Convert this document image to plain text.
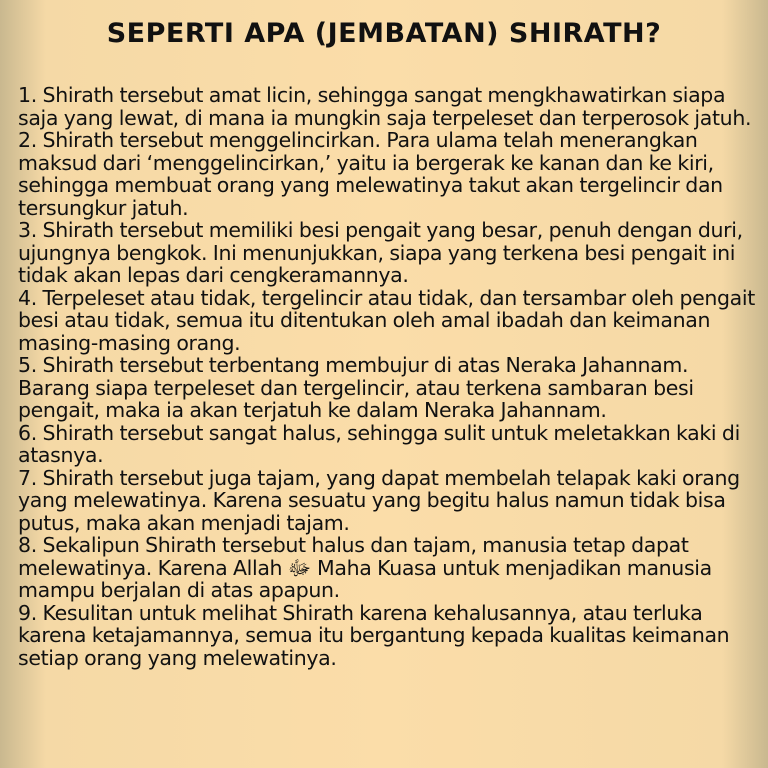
SEPERTI APA (JEMBATAN) SHIRATH?
1. Shirath tersebut amat licin, sehingga sangat mengkhawatirkan siapa saja yang lewat, di mana ia mungkin saja terpeleset dan terperosok jatuh.
2. Shirath tersebut menggelincirkan. Para ulama telah menerangkan maksud dari ‘menggelincirkan,’ yaitu ia bergerak ke kanan dan ke kiri, sehingga membuat orang yang melewatinya takut akan tergelincir dan tersungkur jatuh.
3. Shirath tersebut memiliki besi pengait yang besar, penuh dengan duri, ujungnya bengkok. Ini menunjukkan, siapa yang terkena besi pengait ini tidak akan lepas dari cengkeramannya.
4. Terpeleset atau tidak, tergelincir atau tidak, dan tersambar oleh pengait besi atau tidak, semua itu ditentukan oleh amal ibadah dan keimanan masing-masing orang.
5. Shirath tersebut terbentang membujur di atas Neraka Jahannam. Barang siapa terpeleset dan tergelincir, atau terkena sambaran besi pengait, maka ia akan terjatuh ke dalam Neraka Jahannam.
6. Shirath tersebut sangat halus, sehingga sulit untuk meletakkan kaki di atasnya.
7. Shirath tersebut juga tajam, yang dapat membelah telapak kaki orang yang melewatinya. Karena sesuatu yang begitu halus namun tidak bisa putus, maka akan menjadi tajam.
8. Sekalipun Shirath tersebut halus dan tajam, manusia tetap dapat melewatinya. Karena Allah ﷻ Maha Kuasa untuk menjadikan manusia mampu berjalan di atas apapun.
9. Kesulitan untuk melihat Shirath karena kehalusannya, atau terluka karena ketajamannya, semua itu bergantung kepada kualitas keimanan setiap orang yang melewatinya.
